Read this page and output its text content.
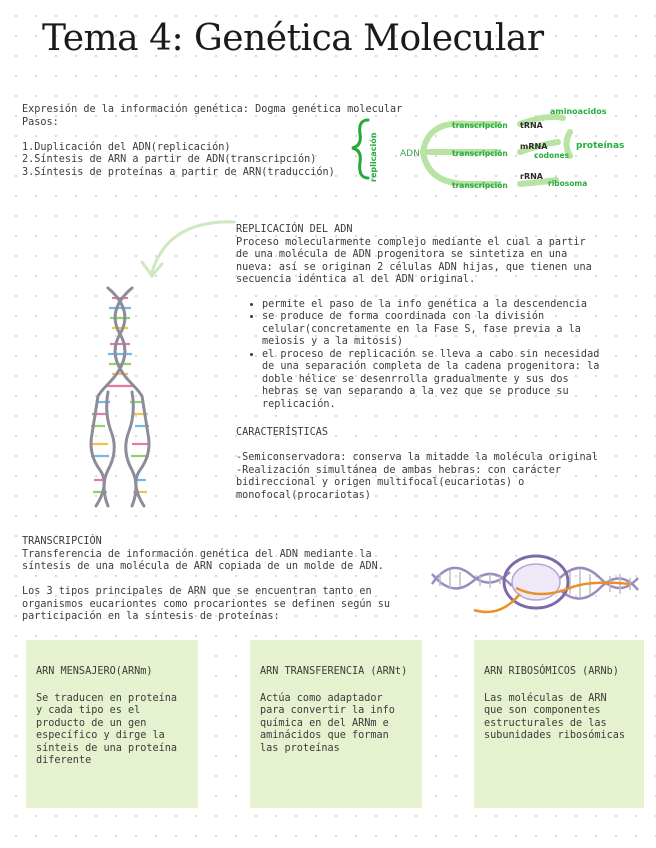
Tema 4: Genética Molecular
Expresión de la información genética: Dogma genética molecular
Pasos:

1.Duplicación del ADN(replicación)
2.Síntesis de ARN a partir de ADN(transcripción)
3.Síntesis de proteínas a partir de ARN(traducción)	replicación ADN
transcripción
transcripción
transcripción
tRNA
mRNA
rRNA
aminoacidos
codones
proteínas
ribosoma
REPLICACIÓN DEL ADN
Proceso molecularmente complejo mediante el cual a partir
de una molécula de ADN progenitora se sintetiza en una
nueva: así se originan 2 células ADN hijas, que tienen una
secuencia idéntica al del ADN original.
• permite el paso de la info genética a la descendencia
• se produce de forma coordinada con la división
celular(concretamente en la Fase S, fase previa a la
meiosis y a la mitosis)
• el proceso de replicación se lleva a cabo sin necesidad
de una separación completa de la cadena progenitora: la
doble hélice se desenrrolla gradualmente y sus dos
hebras se van separando a la vez que se produce su
replicación.
CARACTERÍSTICAS

-Semiconservadora: conserva la mitadde la molécula original
-Realización simultánea de ambas hebras: con carácter
bidireccional y origen multifocal(eucariotas) o
monofocal(procariotas)
TRANSCRIPCIÓN
Transferencia de información genética del ADN mediante la
síntesis de una molécula de ARN copiada de un molde de ADN.

Los 3 tipos principales de ARN que se encuentran tanto en
organismos eucariontes como procariontes se definen según su
participación en la síntesis de proteínas:
ARN MENSAJERO(ARNm)
Se traducen en proteína
y cada tipo es el
producto de un gen
específico y dirge la
sínteis de una proteína
diferente
ARN TRANSFERENCIA (ARNt)
Actúa como adaptador
para convertir la info
química en del ARNm e
aminácidos que forman
las proteínas
ARN RIBOSÓMICOS (ARNb)
Las moléculas de ARN
que son componentes
estructurales de las
subunidades ribosómicas
